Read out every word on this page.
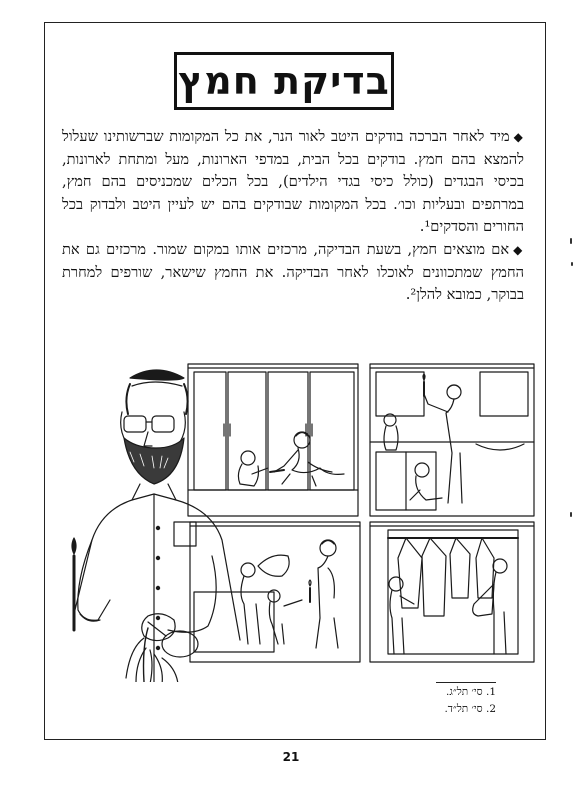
בדיקת חמץ

◆מיד לאחר הברכה בודקים היטב לאור הנר, את כל המקומות שברשותינו שעלול להמצא בהם חמץ. בודקים בכל הבית, במדפי הארונות, מעל ומתחת לארונות, בכיסי הבגדים (כולל כיסי בגדי הילדים), בכל הכלים שמכניסים בהם חמץ, במרתפים ובעליות וכו׳. בכל המקומות שבודקים בהם יש לעיין היטב ולבדוק בכל החורים והסדקים¹.

◆אם מוצאים חמץ, בשעת הבדיקה, מרכזים אותו במקום שמור. מרכזים גם את החמץ שמתכוונים לאוכלו לאחר הבדיקה. את החמץ שישאר, שורפים למחרת בבוקר, כמובא להלן².

1. סי׳ תל״ג.
2. סי׳ תל״ד.
21
